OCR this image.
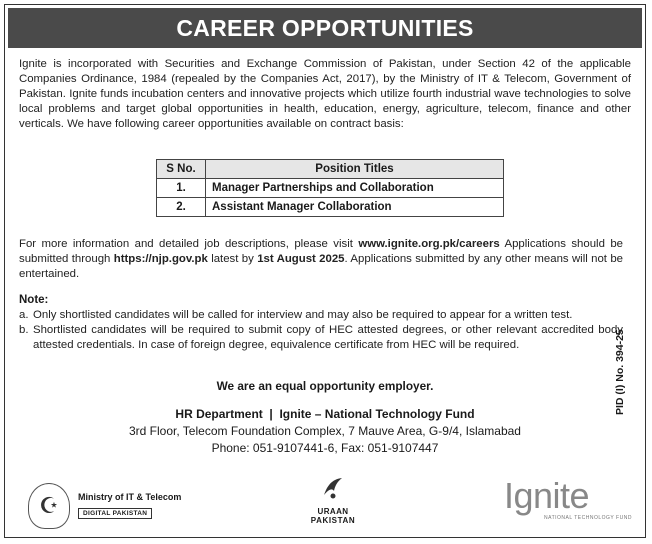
CAREER OPPORTUNITIES
Ignite is incorporated with Securities and Exchange Commission of Pakistan, under Section 42 of the applicable Companies Ordinance, 1984 (repealed by the Companies Act, 2017), by the Ministry of IT & Telecom, Government of Pakistan. Ignite funds incubation centers and innovative projects which utilize fourth industrial wave technologies to solve local problems and target global opportunities in health, education, energy, agriculture, telecom, finance and other verticals. We have following career opportunities available on contract basis:
S No.	Position Titles
1.	Manager Partnerships and Collaboration
2.	Assistant Manager Collaboration
For more information and detailed job descriptions, please visit www.ignite.org.pk/careers Applications should be submitted through https://njp.gov.pk latest by 1st August 2025. Applications submitted by any other means will not be entertained.
Note:
a. Only shortlisted candidates will be called for interview and may also be required to appear for a written test.
b. Shortlisted candidates will be required to submit copy of HEC attested degrees, or other relevant accredited body attested credentials. In case of foreign degree, equivalence certificate from HEC will be required.
We are an equal opportunity employer.
HR Department  |  Ignite – National Technology Fund
3rd Floor, Telecom Foundation Complex, 7 Mauve Area, G-9/4, Islamabad
Phone: 051-9107441-6, Fax: 051-9107447
PID (I) No. 394-25
☪	Ministry of IT & Telecom
DIGITAL PAKISTAN	URAAN
PAKISTAN
Ignite
NATIONAL TECHNOLOGY FUND
